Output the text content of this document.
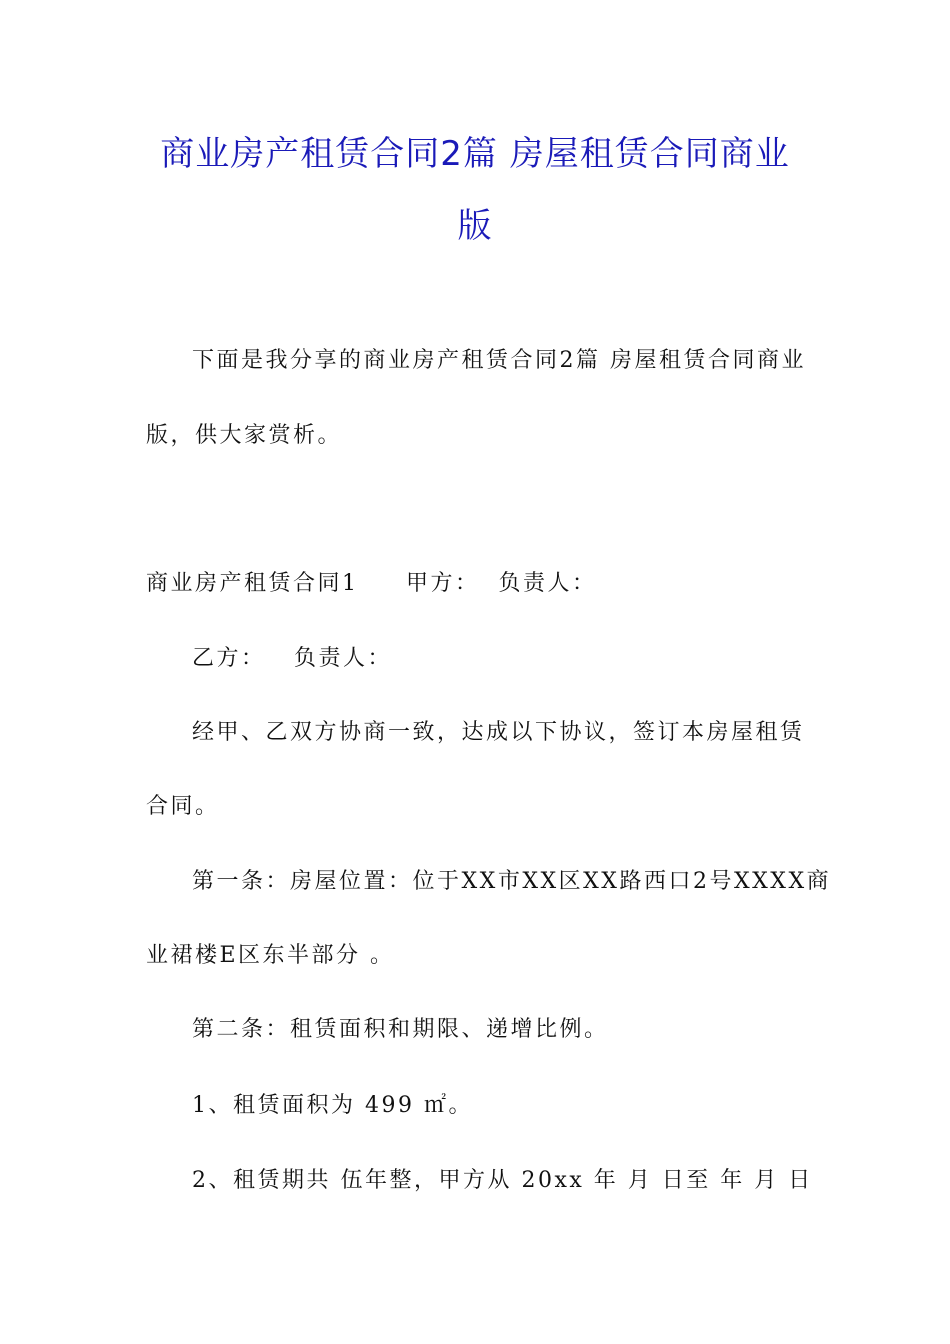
商业房产租赁合同2篇 房屋租赁合同商业
版
下面是我分享的商业房产租赁合同2篇 房屋租赁合同商业
版，供大家赏析。
商业房产租赁合同1     甲方：  负责人：
乙方：   负责人：
经甲、乙双方协商一致，达成以下协议，签订本房屋租赁
合同。
第一条：房屋位置：位于XX市XX区XX路西口2号XXXX商
业裙楼E区东半部分 。
第二条：租赁面积和期限、递增比例。
1、租赁面积为 499 ㎡。
2、租赁期共 伍年整，甲方从 20xx 年 月 日至 年 月 日
